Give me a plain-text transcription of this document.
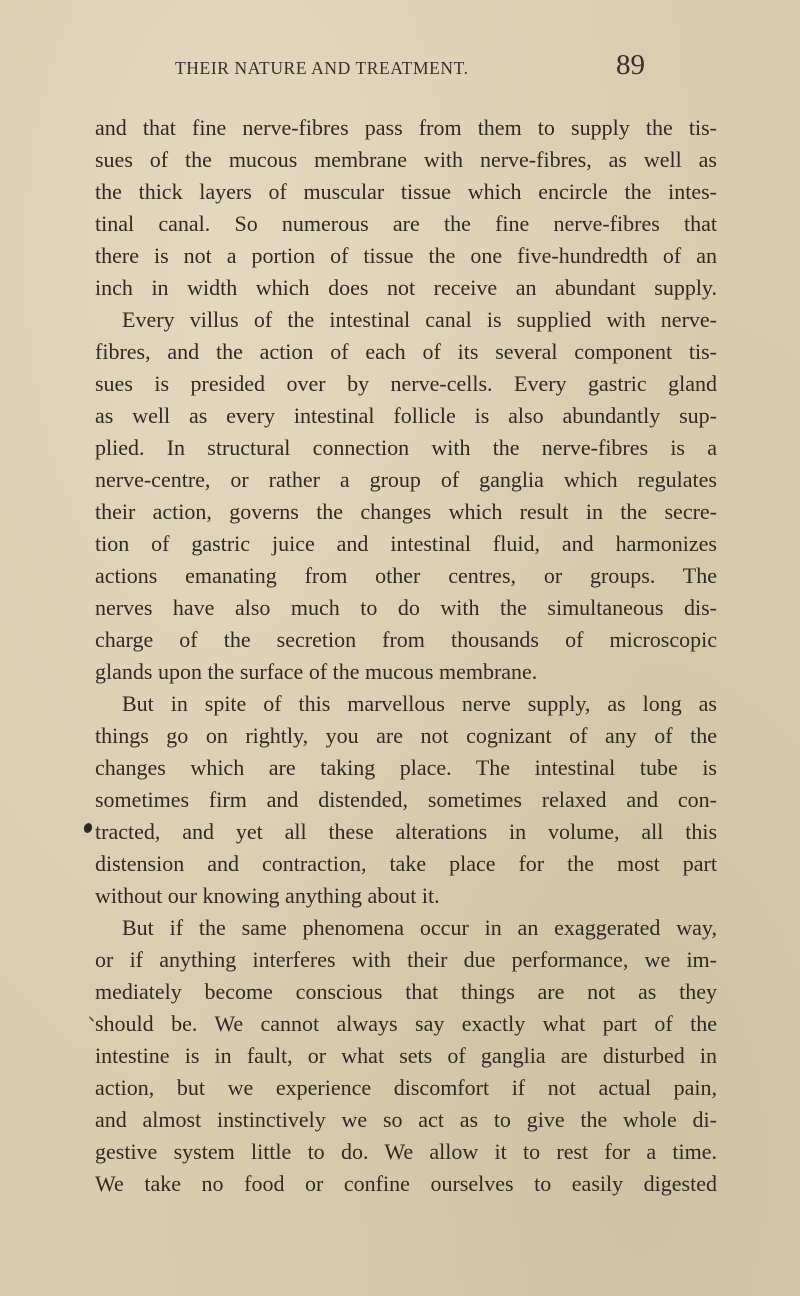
THEIR NATURE AND TREATMENT.	89
and that fine nerve-fibres pass from them to supply the tis-
sues of the mucous membrane with nerve-fibres, as well as
the thick layers of muscular tissue which encircle the intes-
tinal canal. So numerous are the fine nerve-fibres that
there is not a portion of tissue the one five-hundredth of an
inch in width which does not receive an abundant supply.
Every villus of the intestinal canal is supplied with nerve-
fibres, and the action of each of its several component tis-
sues is presided over by nerve-cells. Every gastric gland
as well as every intestinal follicle is also abundantly sup-
plied. In structural connection with the nerve-fibres is a
nerve-centre, or rather a group of ganglia which regulates
their action, governs the changes which result in the secre-
tion of gastric juice and intestinal fluid, and harmonizes
actions emanating from other centres, or groups. The
nerves have also much to do with the simultaneous dis-
charge of the secretion from thousands of microscopic
glands upon the surface of the mucous membrane.
But in spite of this marvellous nerve supply, as long as
things go on rightly, you are not cognizant of any of the
changes which are taking place. The intestinal tube is
sometimes firm and distended, sometimes relaxed and con-
tracted, and yet all these alterations in volume, all this
distension and contraction, take place for the most part
without our knowing anything about it.
But if the same phenomena occur in an exaggerated way,
or if anything interferes with their due performance, we im-
mediately become conscious that things are not as they
should be. We cannot always say exactly what part of the
intestine is in fault, or what sets of ganglia are disturbed in
action, but we experience discomfort if not actual pain,
and almost instinctively we so act as to give the whole di-
gestive system little to do. We allow it to rest for a time.
We take no food or confine ourselves to easily digested
